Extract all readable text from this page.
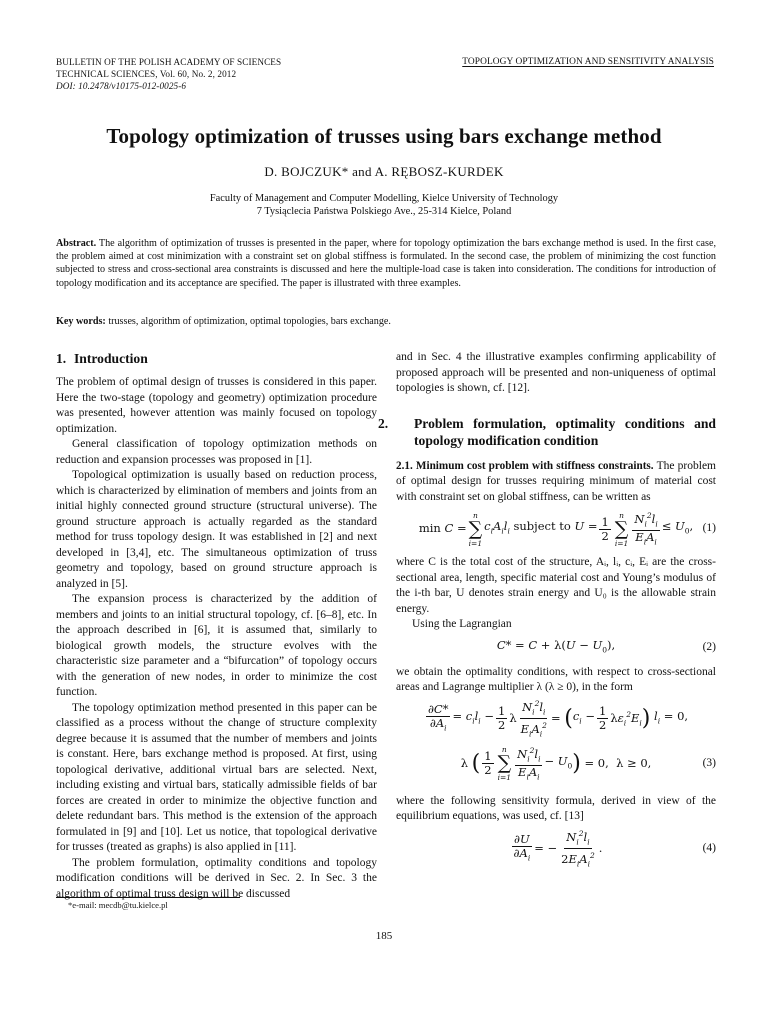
BULLETIN OF THE POLISH ACADEMY OF SCIENCES
TECHNICAL SCIENCES, Vol. 60, No. 2, 2012
DOI: 10.2478/v10175-012-0025-6
TOPOLOGY OPTIMIZATION AND SENSITIVITY ANALYSIS
Topology optimization of trusses using bars exchange method
D. BOJCZUK* and A. RĘBOSZ-KURDEK
Faculty of Management and Computer Modelling, Kielce University of Technology
7 Tysiąclecia Państwa Polskiego Ave., 25-314 Kielce, Poland
Abstract. The algorithm of optimization of trusses is presented in the paper, where for topology optimization the bars exchange method is used. In the first case, the problem aimed at cost minimization with a constraint set on global stiffness is formulated. In the second case, the problem of minimizing the cost function subjected to stress and cross-sectional area constraints is discussed and here the multiple-load case is taken into consideration. The conditions for introduction of topology modification and its acceptance are specified. The paper is illustrated with three examples.
Key words: trusses, algorithm of optimization, optimal topologies, bars exchange.
1. Introduction

The problem of optimal design of trusses is considered in this paper. Here the two-stage (topology and geometry) optimization procedure was presented, however attention was mainly focused on topology optimization.

General classification of topology optimization methods on reduction and expansion processes was proposed in [1].

Topological optimization is usually based on reduction process, which is characterized by elimination of members and joints from an initial highly connected ground structure (structural universe). The ground structure approach is actually regarded as the standard method for truss topology design. It was established in [2] and next developed in [3,4], etc. The simultaneous optimization of truss geometry and topology, based on ground structure approach is analyzed in [5].

The expansion process is characterized by the addition of members and joints to an initial structural topology, cf. [6–8], etc. In the approach described in [6], it is assumed that, similarly to biological growth models, the structure evolves with the characteristic size parameter and a “bifurcation” of topology occurs with the generation of new nodes, in order to minimize the cost function.

The topology optimization method presented in this paper can be classified as a process without the change of structure complexity degree because it is assumed that the number of members and joints is constant. Here, bars exchange method is proposed. At first, using topological derivative, additional virtual bars are selected. Next, including existing and virtual bars, statically admissible fields of bar forces are created in order to minimize the objective function and delete redundant bars. This method is the extension of the approach formulated in [9] and [10]. Let us notice, that topological derivative for trusses (treated as graphs) is also applied in [11].

The problem formulation, optimality conditions and topology modification conditions will be derived in Sec. 2. In Sec. 3 the algorithm of optimal truss design will be discussed

and in Sec. 4 the illustrative examples confirming applicability of proposed approach will be presented and non-uniqueness of optimal topologies is shown, cf. [12].

2. Problem formulation, optimality conditions and topology modification condition

2.1. Minimum cost problem with stiffness constraints. The problem of optimal design for trusses requiring minimum of material cost with constraint set on global stiffness, can be written as

min C =
n
∑
i=1
$c_iA_il_i$ subject to $U = \frac{1}{2}$
n
∑
$i=1 \frac{N_i^2l_i}{E_iA_i} \le U_0$, (1)

where C is the total cost of the structure, Aᵢ, lᵢ, cᵢ, Eᵢ are the cross-sectional area, length, specific material cost and Young’s modulus of the i-th bar, U denotes strain energy and U₀ is the allowable strain energy.

Using the Lagrangian

$C* = C + \lambda(U - U_0)$,	(2)

we obtain the optimality conditions, with respect to cross-sectional areas and Lagrange multiplier λ (λ ≥ 0), in the form

$\frac{\partial C*}{\partial A_i} = c_il_i - \frac{1}{2}$ λ $\frac{N_i^2l_i}{E_iA_i^2}$ = ( $c_i - \frac{1}{2} \lambda\varepsilon_i^2E_i$ ) $l_i = 0$,
λ ( $\frac{1}{2}$
n
∑
$i=1 \frac{N_i^2l_i}{E_iA_i} - U_0$ ) = 0,  λ ≥ 0,	(3)

where the following sensitivity formula, derived in view of the equilibrium equations, was used, cf. [13]

$\frac{\partial U}{\partial A_i}$ = − $\frac{N_i^2l_i}{2E_iA_i^2}$ .	(4)
*e-mail: mecdb@tu.kielce.pl
185
